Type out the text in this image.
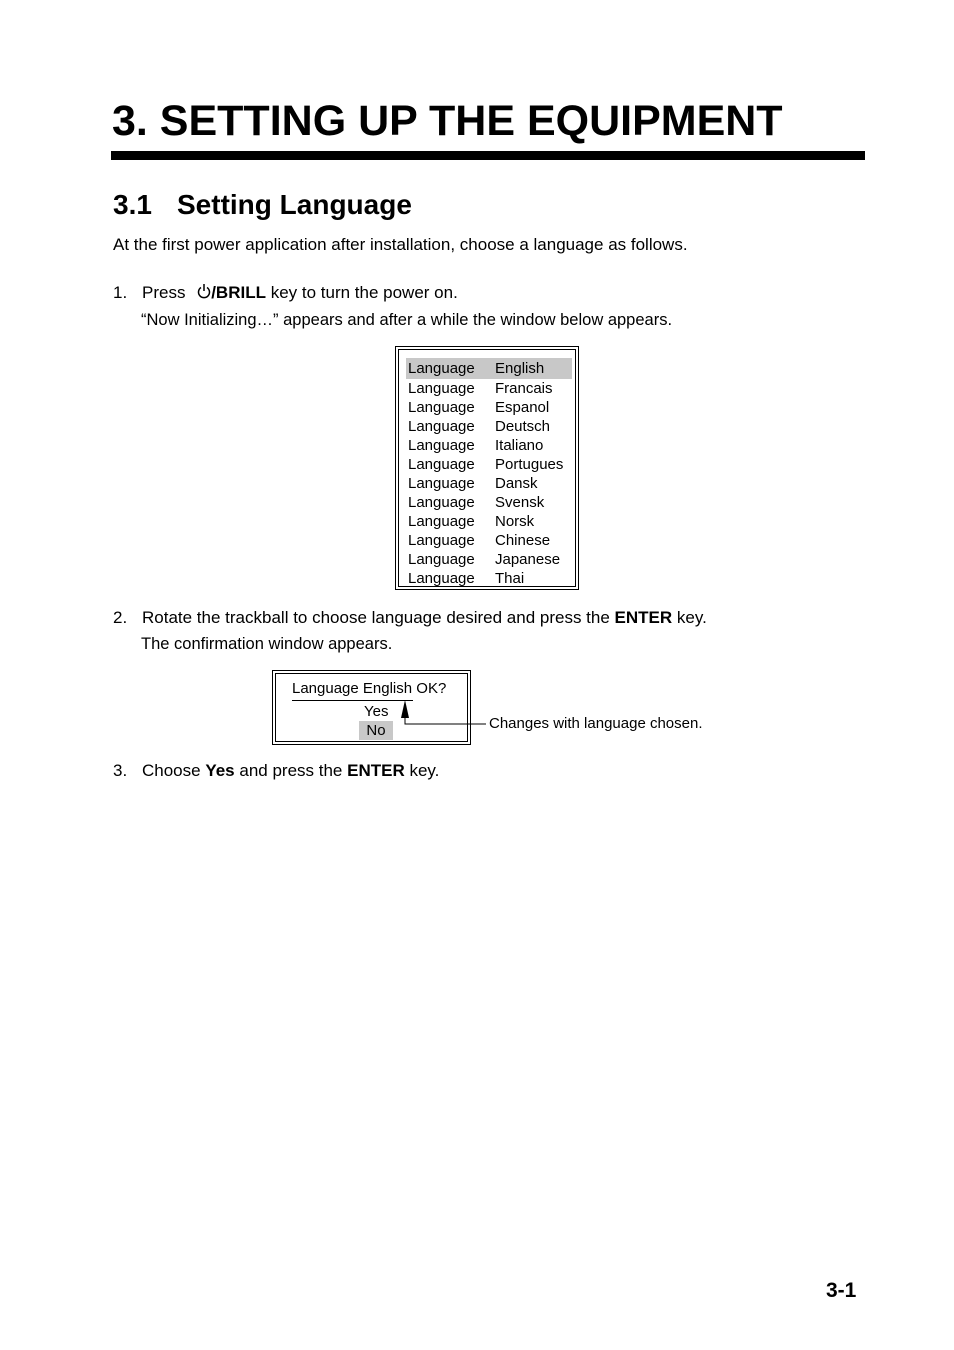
3. SETTING UP THE EQUIPMENT
3.1 Setting Language
At the first power application after installation, choose a language as follows.
1. Press /BRILL key to turn the power on.
“Now Initializing…” appears and after a while the window below appears.
Language English
Language Francais
Language Espanol
Language Deutsch
Language Italiano
Language Portugues
Language Dansk
Language Svensk
Language Norsk
Language Chinese
Language Japanese
Language Thai
2. Rotate the trackball to choose language desired and press the ENTER key.
The confirmation window appears.
Language English OK?
Yes
No	Changes with language chosen.
3. Choose Yes and press the ENTER key.
3-1
